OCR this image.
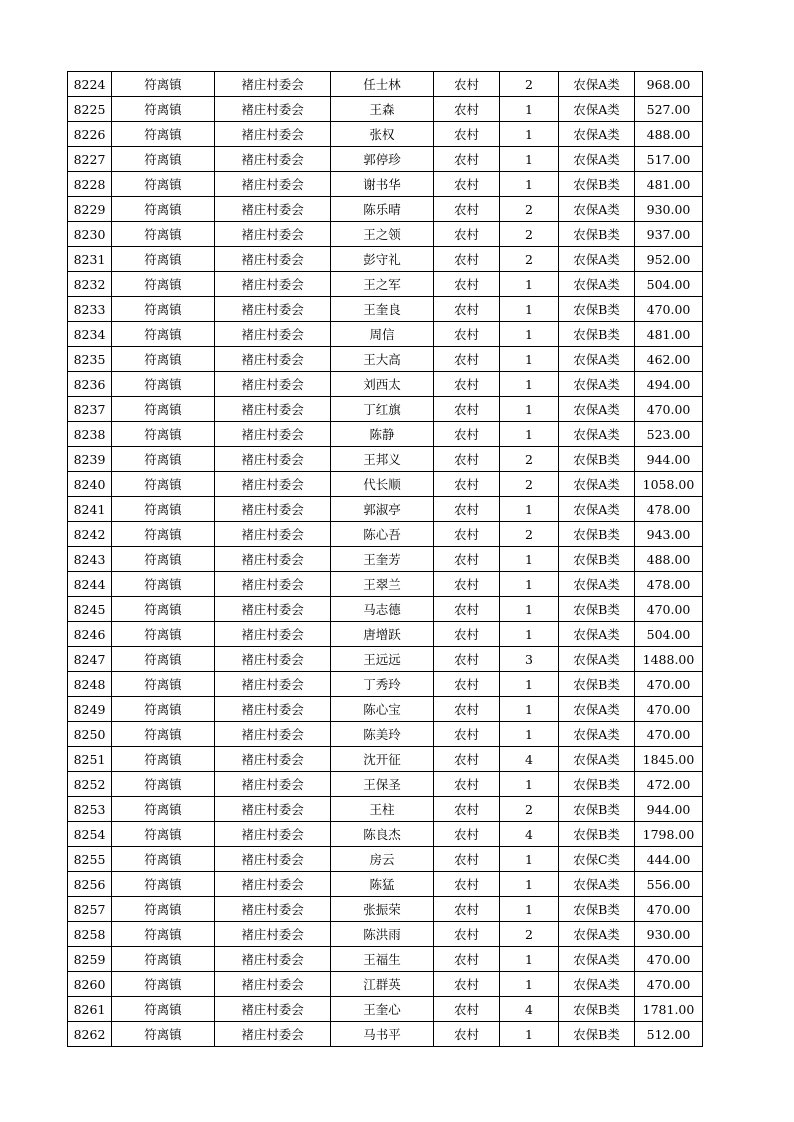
8224	符离镇	褚庄村委会	任士林	农村	2	农保A类	968.00
8225	符离镇	褚庄村委会	王森	农村	1	农保A类	527.00
8226	符离镇	褚庄村委会	张权	农村	1	农保A类	488.00
8227	符离镇	褚庄村委会	郭停珍	农村	1	农保A类	517.00
8228	符离镇	褚庄村委会	谢书华	农村	1	农保B类	481.00
8229	符离镇	褚庄村委会	陈乐晴	农村	2	农保A类	930.00
8230	符离镇	褚庄村委会	王之领	农村	2	农保B类	937.00
8231	符离镇	褚庄村委会	彭守礼	农村	2	农保A类	952.00
8232	符离镇	褚庄村委会	王之军	农村	1	农保A类	504.00
8233	符离镇	褚庄村委会	王奎良	农村	1	农保B类	470.00
8234	符离镇	褚庄村委会	周信	农村	1	农保B类	481.00
8235	符离镇	褚庄村委会	王大高	农村	1	农保A类	462.00
8236	符离镇	褚庄村委会	刘西太	农村	1	农保A类	494.00
8237	符离镇	褚庄村委会	丁红旗	农村	1	农保A类	470.00
8238	符离镇	褚庄村委会	陈静	农村	1	农保A类	523.00
8239	符离镇	褚庄村委会	王邦义	农村	2	农保B类	944.00
8240	符离镇	褚庄村委会	代长顺	农村	2	农保A类	1058.00
8241	符离镇	褚庄村委会	郭淑亭	农村	1	农保A类	478.00
8242	符离镇	褚庄村委会	陈心吾	农村	2	农保B类	943.00
8243	符离镇	褚庄村委会	王奎芳	农村	1	农保B类	488.00
8244	符离镇	褚庄村委会	王翠兰	农村	1	农保A类	478.00
8245	符离镇	褚庄村委会	马志德	农村	1	农保B类	470.00
8246	符离镇	褚庄村委会	唐增跃	农村	1	农保A类	504.00
8247	符离镇	褚庄村委会	王远远	农村	3	农保A类	1488.00
8248	符离镇	褚庄村委会	丁秀玲	农村	1	农保B类	470.00
8249	符离镇	褚庄村委会	陈心宝	农村	1	农保A类	470.00
8250	符离镇	褚庄村委会	陈美玲	农村	1	农保A类	470.00
8251	符离镇	褚庄村委会	沈开征	农村	4	农保A类	1845.00
8252	符离镇	褚庄村委会	王保圣	农村	1	农保B类	472.00
8253	符离镇	褚庄村委会	王柱	农村	2	农保B类	944.00
8254	符离镇	褚庄村委会	陈良杰	农村	4	农保B类	1798.00
8255	符离镇	褚庄村委会	房云	农村	1	农保C类	444.00
8256	符离镇	褚庄村委会	陈猛	农村	1	农保A类	556.00
8257	符离镇	褚庄村委会	张振荣	农村	1	农保B类	470.00
8258	符离镇	褚庄村委会	陈洪雨	农村	2	农保A类	930.00
8259	符离镇	褚庄村委会	王福生	农村	1	农保A类	470.00
8260	符离镇	褚庄村委会	江群英	农村	1	农保A类	470.00
8261	符离镇	褚庄村委会	王奎心	农村	4	农保B类	1781.00
8262	符离镇	褚庄村委会	马书平	农村	1	农保B类	512.00
